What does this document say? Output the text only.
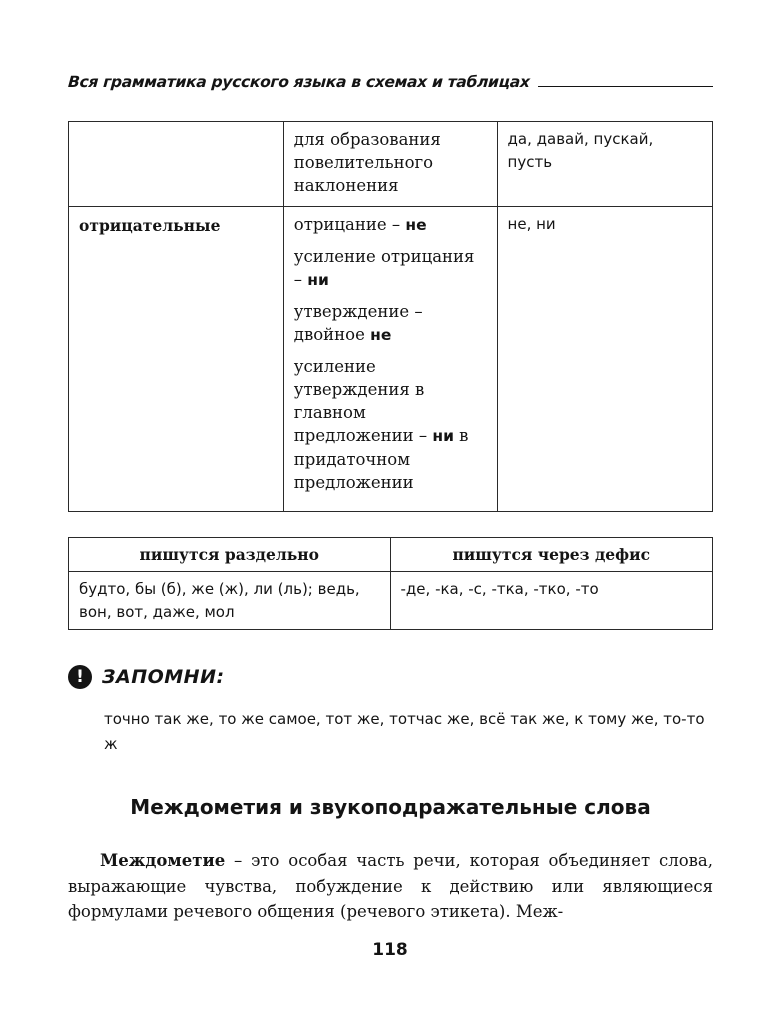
Вся грамматика русского языка в схемах и таблицах

	для образования повелительного наклонения	да, давай, пускай, пусть
отрицательные	отрицание – не
усиление отрицания – ни
утверждение – двойное не
усиление утверждения в главном предложении – ни в придаточном предложении	не, ни
пишутся раздельно	пишутся через дефис
будто, бы (б), же (ж), ли (ль); ведь, вон, вот, даже, мол	-де, -ка, -с, -тка, -тко, -то
! ЗАПОМНИ:
точно так же, то же самое, тот же, тотчас же, всё так же, к тому же, то-то ж
Междометия и звукоподражательные слова
Междометие – это особая часть речи, которая объединяет слова, выражающие чувства, побуждение к действию или являющиеся формулами речевого общения (речевого этикета). Меж-
118
